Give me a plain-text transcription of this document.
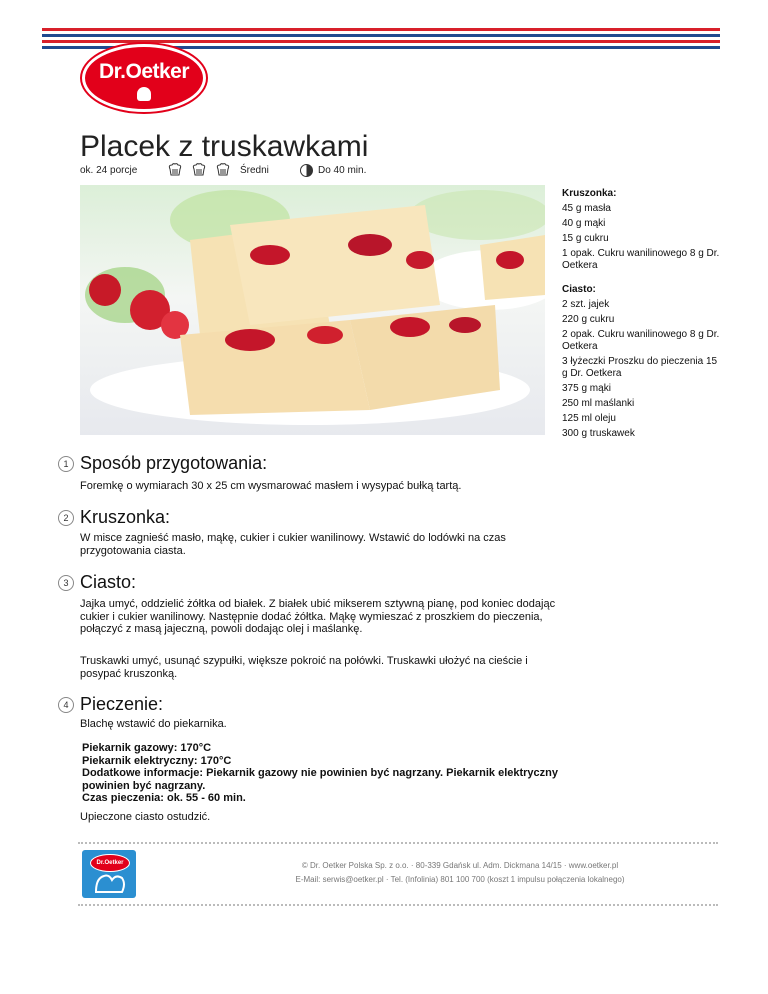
Dr.Oetker
Placek z truskawkami
ok. 24 porcje	Średni	Do 40 min.
Kruszonka:
45 g masła
40 g mąki
15 g cukru
1 opak. Cukru wanilinowego 8 g Dr. Oetkera
Ciasto:
2 szt. jajek
220 g cukru
2 opak. Cukru wanilinowego 8 g Dr. Oetkera
3 łyżeczki Proszku do pieczenia 15 g Dr. Oetkera
375 g mąki
250 ml maślanki
125 ml oleju
300 g truskawek
1 Sposób przygotowania:
Foremkę o wymiarach 30 x 25 cm wysmarować masłem i wysypać bułką tartą.
2 Kruszonka:
W misce zagnieść masło, mąkę, cukier i cukier wanilinowy. Wstawić do lodówki na czas przygotowania ciasta.
3 Ciasto:
Jajka umyć, oddzielić żółtka od białek. Z białek ubić mikserem sztywną pianę, pod koniec dodając cukier i cukier wanilinowy. Następnie dodać żółtka. Mąkę wymieszać z proszkiem do pieczenia, połączyć z masą jajeczną, powoli dodając olej i maślankę.
Truskawki umyć, usunąć szypułki, większe pokroić na połówki. Truskawki ułożyć na cieście i posypać kruszonką.
4 Pieczenie:
Blachę wstawić do piekarnika.
Piekarnik gazowy: 170°C
Piekarnik elektryczny: 170°C
Dodatkowe informacje: Piekarnik gazowy nie powinien być nagrzany. Piekarnik elektryczny powinien być nagrzany.
Czas pieczenia: ok. 55 - 60 min.
Upieczone ciasto ostudzić.
Dr.Oetker	© Dr. Oetker Polska Sp. z o.o. · 80-339 Gdańsk ul. Adm. Dickmana 14/15 · www.oetker.pl
E-Mail: serwis@oetker.pl · Tel. (Infolinia) 801 100 700 (koszt 1 impulsu połączenia lokalnego)
